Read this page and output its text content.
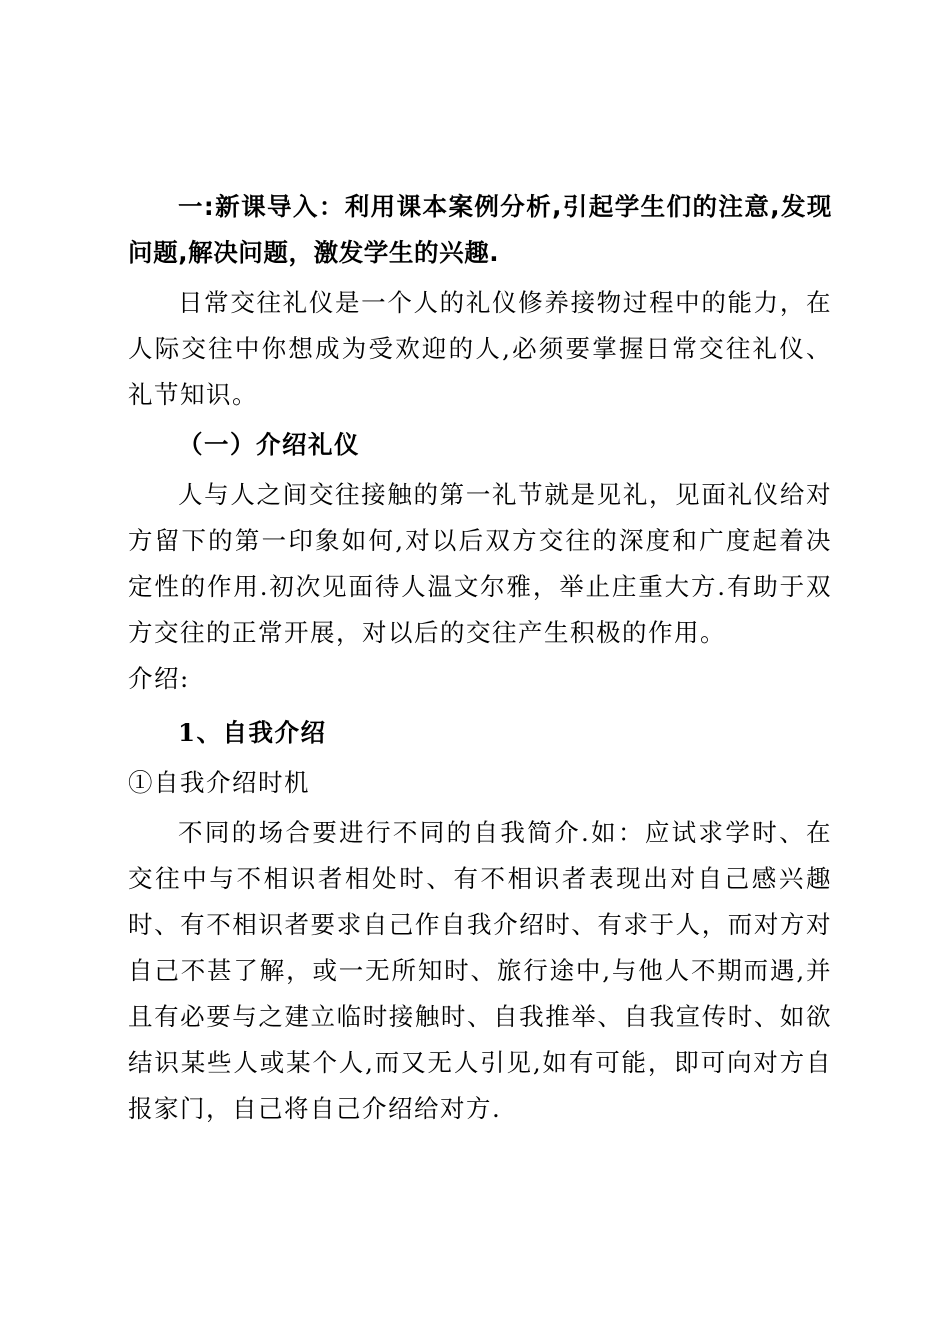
一:新课导入：利用课本案例分析,引起学生们的注意,发现问题,解决问题，激发学生的兴趣.

日常交往礼仪是一个人的礼仪修养接物过程中的能力，在人际交往中你想成为受欢迎的人,必须要掌握日常交往礼仪、礼节知识。

（一）介绍礼仪

人与人之间交往接触的第一礼节就是见礼，见面礼仪给对方留下的第一印象如何,对以后双方交往的深度和广度起着决定性的作用.初次见面待人温文尔雅，举止庄重大方.有助于双方交往的正常开展，对以后的交往产生积极的作用。

介绍:

1、自我介绍

①自我介绍时机

不同的场合要进行不同的自我简介.如：应试求学时、在交往中与不相识者相处时、有不相识者表现出对自己感兴趣时、有不相识者要求自己作自我介绍时、有求于人，而对方对自己不甚了解，或一无所知时、旅行途中,与他人不期而遇,并且有必要与之建立临时接触时、自我推举、自我宣传时、如欲结识某些人或某个人,而又无人引见,如有可能，即可向对方自报家门，自己将自己介绍给对方.
